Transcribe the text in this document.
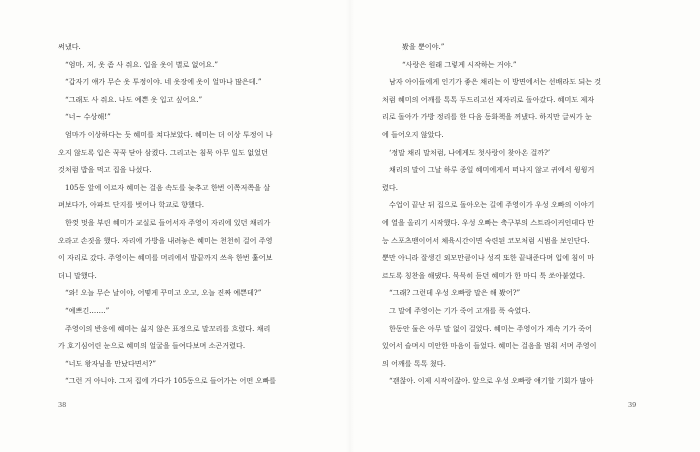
써냈다.

“엄마, 저, 옷 좀 사 줘요. 입을 옷이 별로 없어요.”

“갑자기 얘가 무슨 옷 투정이야. 네 옷장에 옷이 얼마나 많은데.”

“그래도 사 줘요. 나도 예쁜 옷 입고 싶어요.”

“너~ 수상해!”

엄마가 이상하다는 듯 혜미를 쳐다보았다. 혜미는 더 이상 투정이 나

오지 않도록 입은 꾹꾹 닫아 삼켰다. 그리고는 침묵 아무 일도 없었던

것처럼 밥을 먹고 집을 나섰다.

105동 앞에 이르자 혜미는 걸음 속도를 늦추고 한번 이쪽저쪽을 살

펴보다가, 아파트 단지를 벗어나 학교로 향했다.

한껏 멋을 부린 혜미가 교실로 들어서자 주영이 자리에 있던 채리가

오라고 손짓을 했다. 자리에 가방을 내려놓은 혜미는 천천히 걸어 주영

이 자리로 갔다. 주영이는 혜미를 머리에서 발끝까지 쓰윽 한번 훑어보

더니 말했다.

“와! 오늘 무슨 날이야, 어떻게 꾸미고 오고, 오늘 진짜 예쁜데?”

“예쁘긴…….”

주영이의 반응에 혜미는 싫지 않은 표정으로 말꼬리를 흐렸다. 채리

가 호기심어린 눈으로 혜미의 얼굴을 들여다보며 소곤거렸다.

“너도 왕자님을 만났다면서?”

“그런 거 아니야. 그저 집에 가다가 105동으로 들어가는 어떤 오빠를

봤을 뿐이야.”

“사랑은 원래 그렇게 시작하는 거야.”

남자 아이들에게 인기가 좋은 채리는 이 방면에서는 선배라도 되는 것

처럼 혜미의 어깨를 톡톡 두드리고선 제자리로 돌아갔다. 혜미도 제자

리로 돌아가 가방 정리를 한 다음 동화책을 꺼냈다. 하지만 글씨가 눈

에 들어오지 않았다.

‘정말 채리 말처럼, 나에게도 첫사랑이 찾아온 걸까?’

채리의 말이 그날 하루 종일 혜미에게서 떠나지 않고 귀에서 윙윙거

렸다.

수업이 끝난 뒤 집으로 돌아오는 길에 주영이가 우성 오빠의 이야기

에 열을 올리기 시작했다. 우성 오빠는 축구부의 스트라이커인데다 만

능 스포츠맨이어서 체육시간이면 숙련된 코모처럼 시범을 보인단다.

뿐만 아니라 잘생긴 외모만큼이나 성격 또한 끝내준다며 입에 침이 마

르도록 칭찬을 해댔다. 묵묵히 듣던 혜미가 한 마디 툭 쏘아붙였다.

“그래? 그런데 우성 오빠랑 말은 해 봤어?”

그 말에 주영이는 기가 죽어 고개를 푹 숙였다.

한동안 둘은 아무 말 없이 걸었다. 혜미는 주영이가 계속 기가 죽어

있어서 슬며시 미안한 마음이 들었다. 혜미는 걸음을 멈춰 서며 주영이

의 어깨를 톡톡 쳤다.

“괜찮아. 이제 시작이잖아. 앞으로 우성 오빠랑 얘기할 기회가 많아

38	39
